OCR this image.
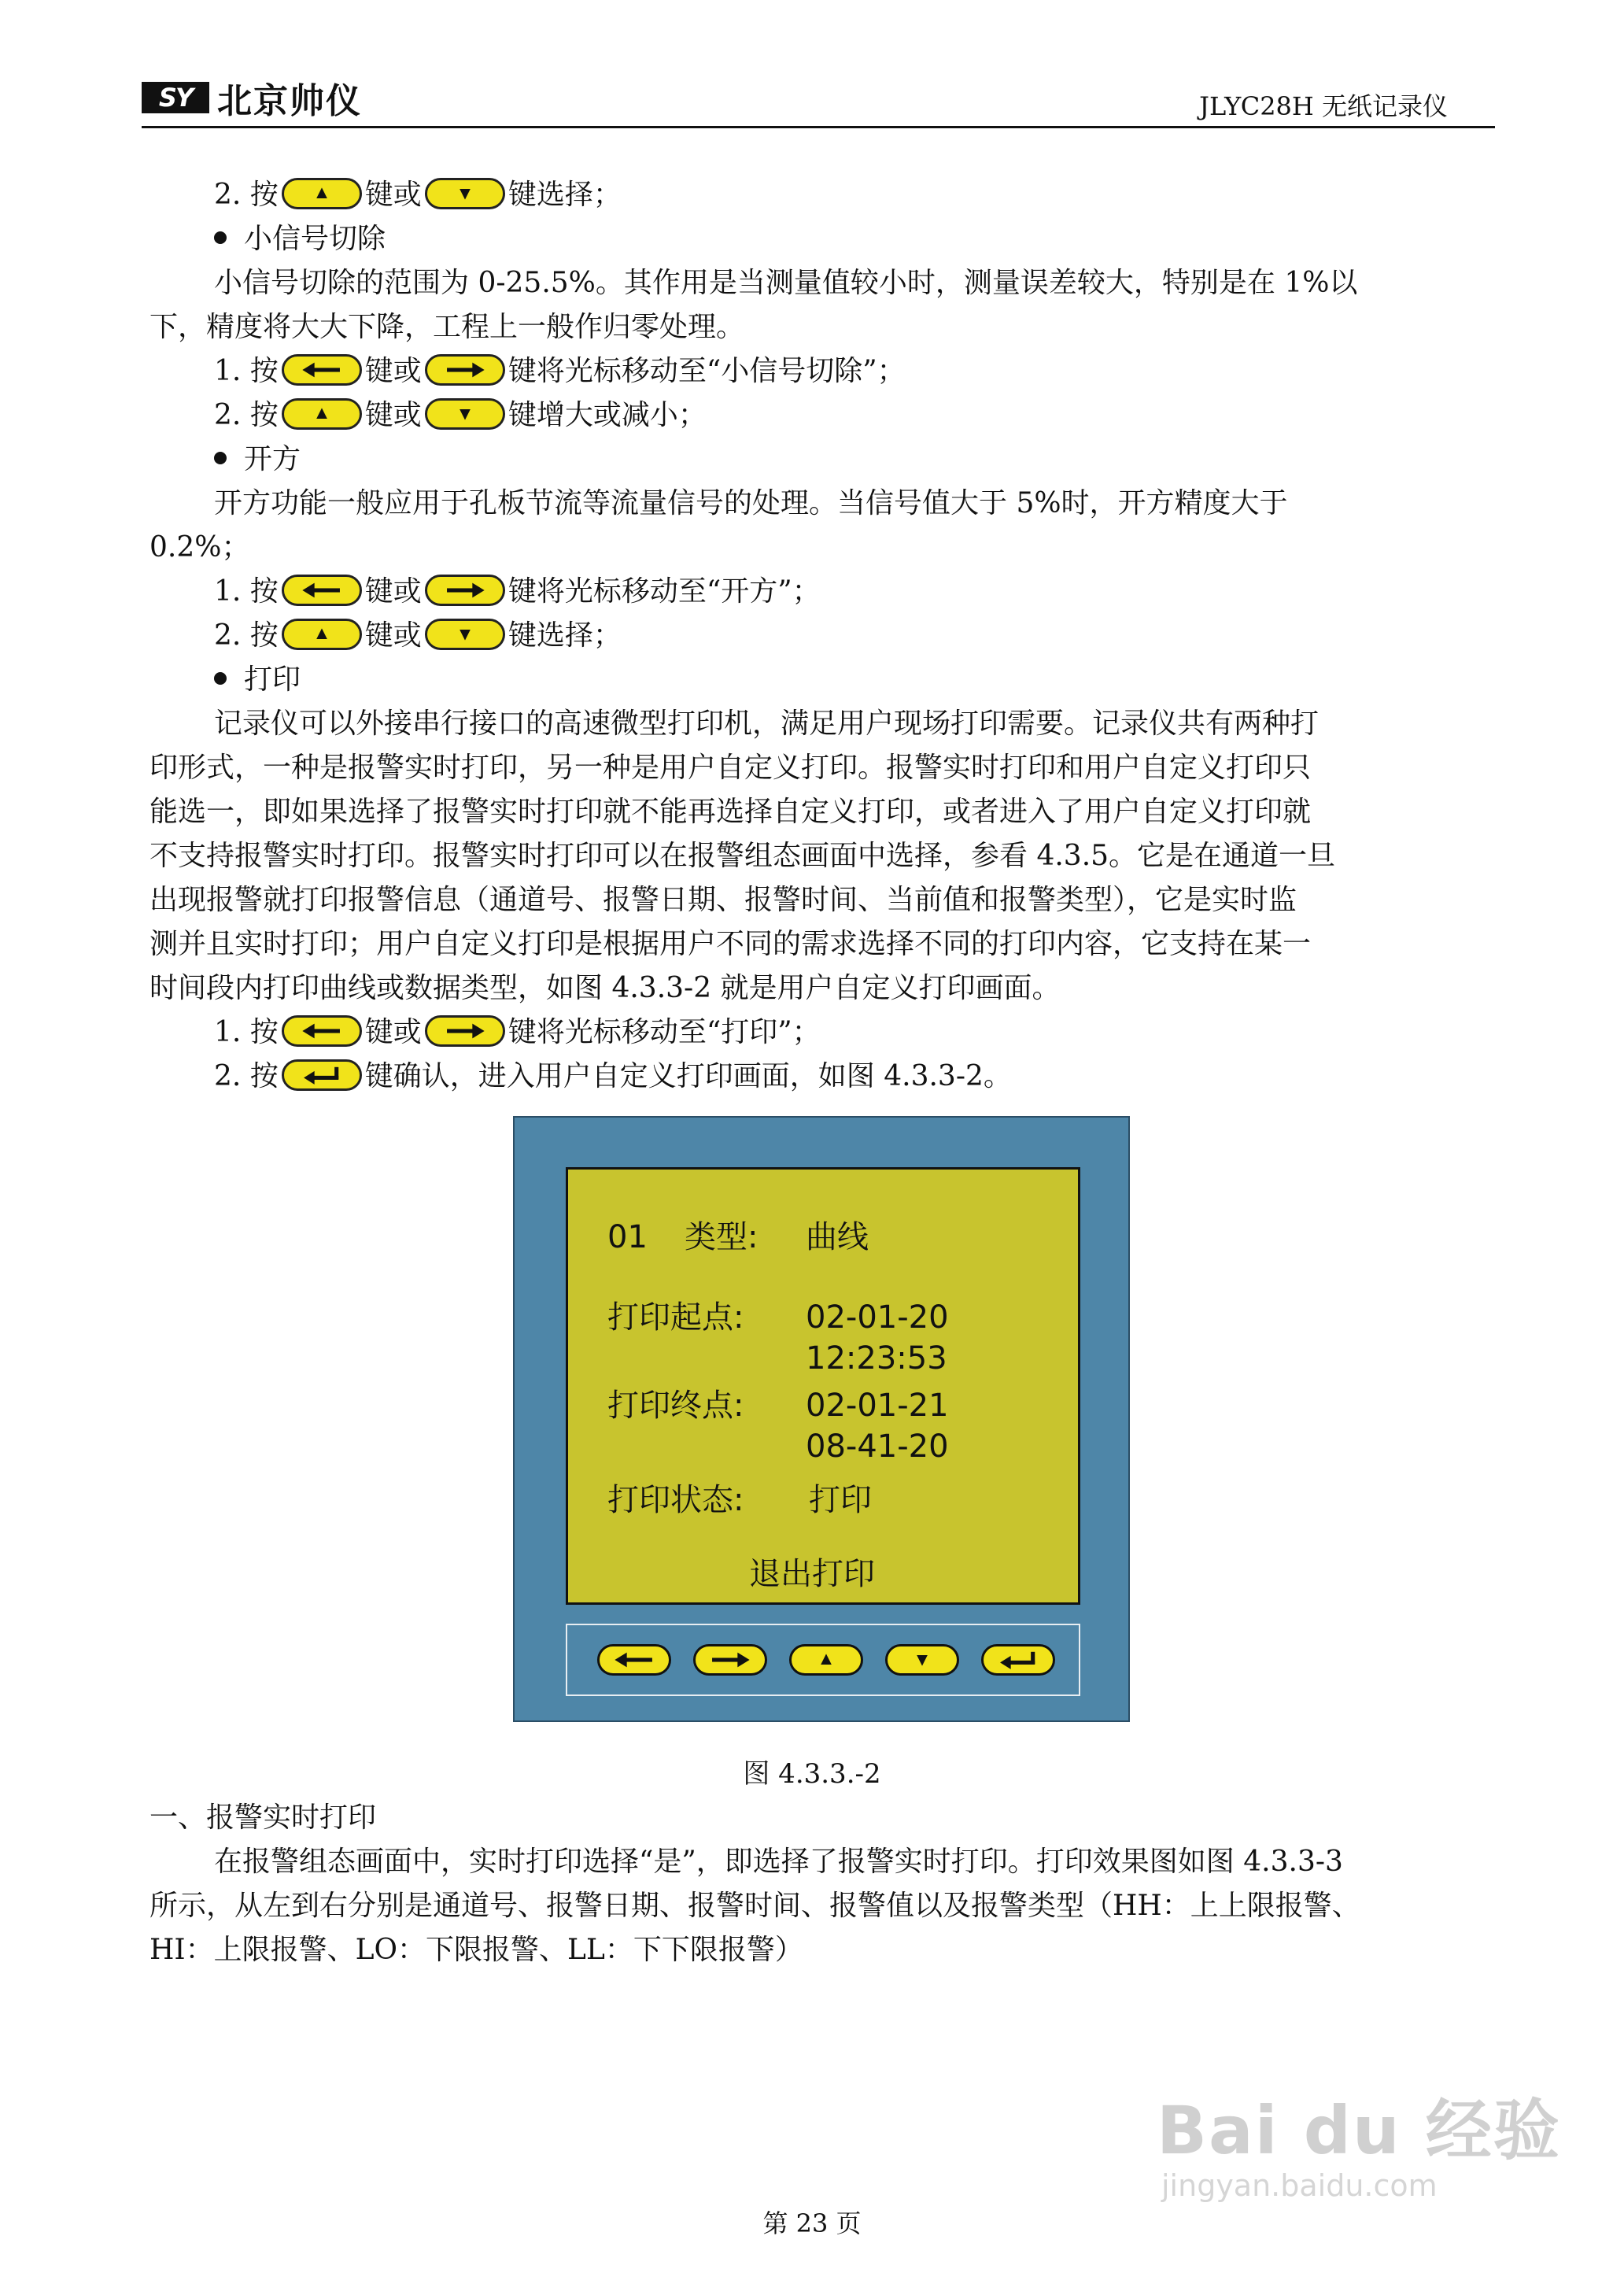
SY 北京帅仪	JLYC28H 无纸记录仪
2. 按	键或	键选择；
小信号切除
小信号切除的范围为 0-25.5%。其作用是当测量值较小时，测量误差较大，特别是在 1%以
下，精度将大大下降，工程上一般作归零处理。
1. 按	键或	键将光标移动至“小信号切除”；
2. 按	键或	键增大或减小；
开方
开方功能一般应用于孔板节流等流量信号的处理。当信号值大于 5%时，开方精度大于
0.2%；
1. 按	键或	键将光标移动至“开方”；
2. 按	键或	键选择；
打印
记录仪可以外接串行接口的高速微型打印机，满足用户现场打印需要。记录仪共有两种打
印形式，一种是报警实时打印，另一种是用户自定义打印。报警实时打印和用户自定义打印只
能选一，即如果选择了报警实时打印就不能再选择自定义打印，或者进入了用户自定义打印就
不支持报警实时打印。报警实时打印可以在报警组态画面中选择，参看 4.3.5。它是在通道一旦
出现报警就打印报警信息（通道号、报警日期、报警时间、当前值和报警类型），它是实时监
测并且实时打印；用户自定义打印是根据用户不同的需求选择不同的打印内容，它支持在某一
时间段内打印曲线或数据类型，如图 4.3.3-2 就是用户自定义打印画面。
1. 按	键或	键将光标移动至“打印”；
2. 按	键确认，进入用户自定义打印画面，如图 4.3.3-2。
01 类型: 曲线
打印起点: 02-01-20
12:23:53
打印终点: 02-01-21
08-41-20
打印状态: 打印
退出打印
图 4.3.3.-2
一、报警实时打印
在报警组态画面中，实时打印选择“是”，即选择了报警实时打印。打印效果图如图 4.3.3-3
所示，从左到右分别是通道号、报警日期、报警时间、报警值以及报警类型（HH：上上限报警、
HI：上限报警、LO：下限报警、LL：下下限报警）
Bai du 经验
jingyan.baidu.com
第 23 页
